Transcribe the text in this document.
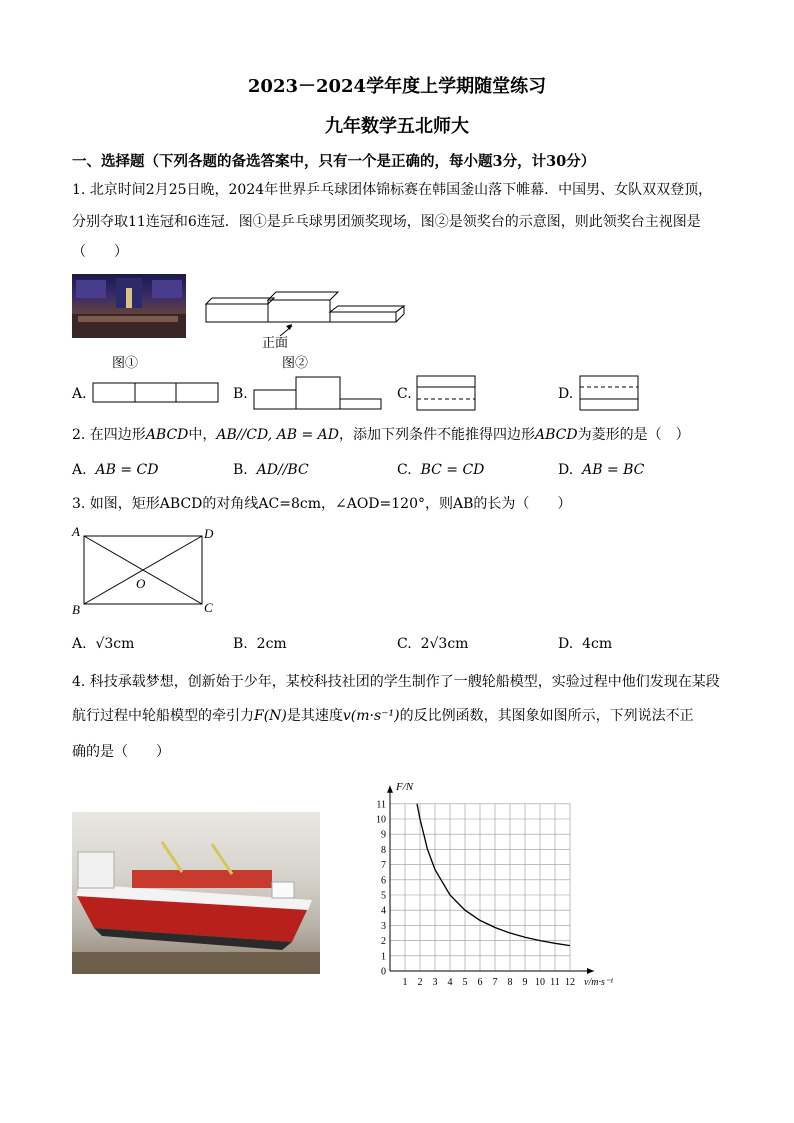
2023－2024学年度上学期随堂练习
九年数学五北师大
一、选择题（下列各题的备选答案中，只有一个是正确的，每小题3分，计30分）
1. 北京时间2月25日晚，2024年世界乒乓球团体锦标赛在韩国釜山落下帷幕．中国男、女队双双登顶，
分别夺取11连冠和6连冠．图①是乒乓球男团颁奖现场，图②是领奖台的示意图，则此领奖台主视图是
（　　）
图①
正面
图②
A.	B.	C.	D.
2. 在四边形ABCD中，AB//CD, AB = AD，添加下列条件不能推得四边形ABCD为菱形的是（　）
A. AB = CD	B. AD//BC	C. BC = CD	D. AB = BC
3. 如图，矩形ABCD的对角线AC=8cm，∠AOD=120°，则AB的长为（　　）
A	D
B	C
O
A. √3cm	B. 2cm	C. 2√3cm	D. 4cm
4. 科技承载梦想，创新始于少年，某校科技社团的学生制作了一艘轮船模型，实验过程中他们发现在某段
航行过程中轮船模型的牵引力F(N)是其速度v(m·s⁻¹)的反比例函数，其图象如图所示，下列说法不正
确的是（　　）
1 2 3 4 5 6 7 8 9 10 11 12
0
1
2
3
4
5
6
7
8
9
10
11
F/N
v/m·s⁻¹
